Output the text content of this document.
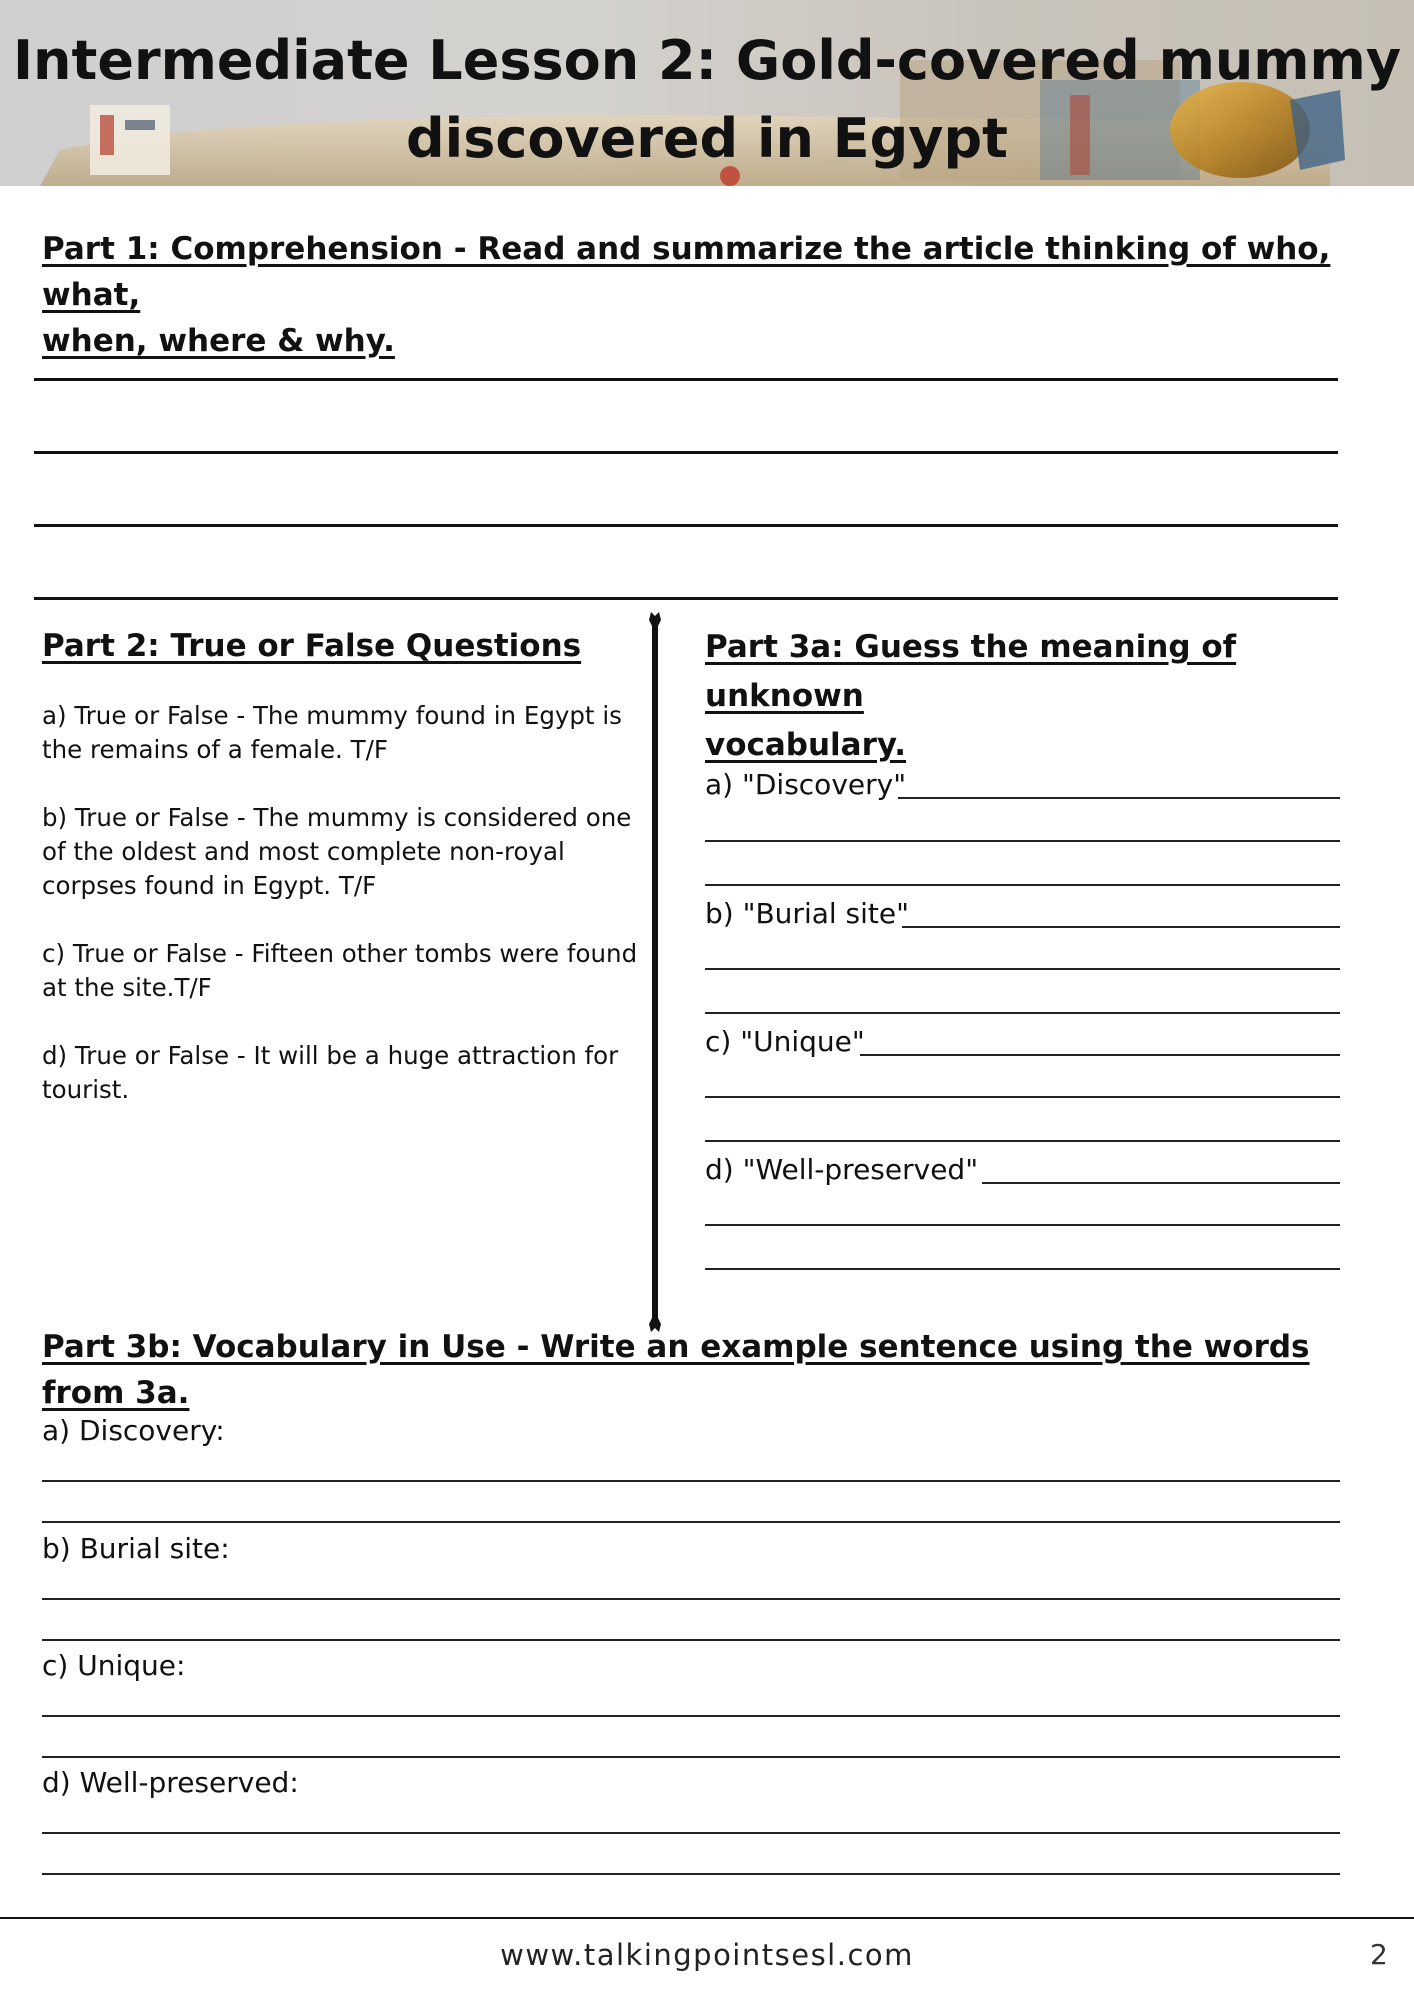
Intermediate Lesson 2: Gold-covered mummy
discovered in Egypt
Part 1: Comprehension - Read and summarize the article thinking of who, what,
when, where & why.
Part 2: True or False Questions
a) True or False - The mummy found in Egypt is the remains of a female. T/F
b) True or False - The mummy is considered one of the oldest and most complete non-royal corpses found in Egypt. T/F
c) True or False - Fifteen other tombs were found at the site.T/F
d) True or False - It will be a huge attraction for tourist.
Part 3a: Guess the meaning of unknown
vocabulary.
a) "Discovery"
b) "Burial site"
c) "Unique"
d) "Well-preserved"
Part 3b: Vocabulary in Use - Write an example sentence using the words from 3a.
a) Discovery:
b) Burial site:
c) Unique:
d) Well-preserved:
www.talkingpointsesl.com	2
